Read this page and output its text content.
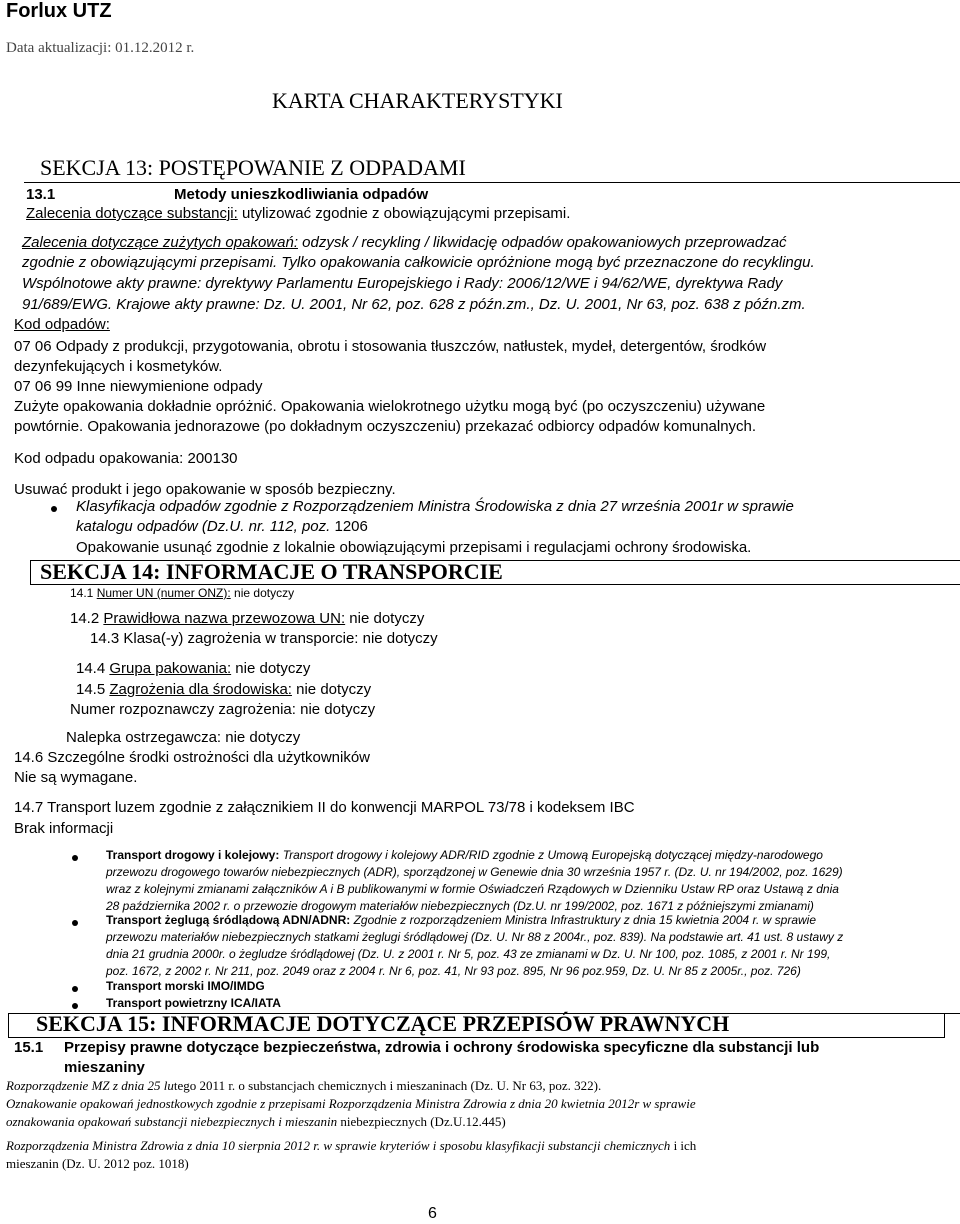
Forlux UTZ
Data aktualizacji: 01.12.2012 r.
KARTA CHARAKTERYSTYKI
SEKCJA 13: POSTĘPOWANIE Z ODPADAMI
13.1	Metody unieszkodliwiania odpadów
Zalecenia dotyczące substancji: utylizować zgodnie z obowiązującymi przepisami.
Zalecenia dotyczące zużytych opakowań: odzysk / recykling / likwidację odpadów opakowaniowych przeprowadzać
zgodnie z obowiązującymi przepisami. Tylko opakowania całkowicie opróżnione mogą być przeznaczone do recyklingu.
Wspólnotowe akty prawne: dyrektywy Parlamentu Europejskiego i Rady: 2006/12/WE i 94/62/WE, dyrektywa Rady
91/689/EWG. Krajowe akty prawne: Dz. U. 2001, Nr 62, poz. 628 z późn.zm., Dz. U. 2001, Nr 63, poz. 638 z późn.zm.
Kod odpadów:
07 06 Odpady z produkcji, przygotowania, obrotu i stosowania tłuszczów, natłustek, mydeł, detergentów, środków
dezynfekujących i kosmetyków.
07 06 99 Inne niewymienione odpady
Zużyte opakowania dokładnie opróżnić. Opakowania wielokrotnego użytku mogą być (po oczyszczeniu) używane
powtórnie. Opakowania jednorazowe (po dokładnym oczyszczeniu) przekazać odbiorcy odpadów komunalnych.
Kod odpadu opakowania: 200130
Usuwać produkt i jego opakowanie w sposób bezpieczny.
Klasyfikacja odpadów zgodnie z Rozporządzeniem Ministra Środowiska z dnia 27 września 2001r w sprawie
katalogu odpadów (Dz.U. nr. 112, poz. 1206
Opakowanie usunąć zgodnie z lokalnie obowiązującymi przepisami i regulacjami ochrony środowiska.
SEKCJA 14: INFORMACJE O TRANSPORCIE
14.1 Numer UN (numer ONZ): nie dotyczy
14.2 Prawidłowa nazwa przewozowa UN: nie dotyczy
14.3 Klasa(-y) zagrożenia w transporcie: nie dotyczy
14.4 Grupa pakowania: nie dotyczy
14.5 Zagrożenia dla środowiska: nie dotyczy
Numer rozpoznawczy zagrożenia: nie dotyczy
Nalepka ostrzegawcza: nie dotyczy
14.6 Szczególne środki ostrożności dla użytkowników
Nie są wymagane.
14.7 Transport luzem zgodnie z załącznikiem II do konwencji MARPOL 73/78 i kodeksem IBC
Brak informacji
Transport drogowy i kolejowy: Transport drogowy i kolejowy ADR/RID zgodnie z Umową Europejską dotyczącej między-narodowego
przewozu drogowego towarów niebezpiecznych (ADR), sporządzonej w Genewie dnia 30 września 1957 r. (Dz. U. nr 194/2002, poz. 1629)
wraz z kolejnymi zmianami załączników A i B publikowanymi w formie Oświadczeń Rządowych w Dzienniku Ustaw RP oraz Ustawą z dnia
28 października 2002 r. o przewozie drogowym materiałów niebezpiecznych (Dz.U. nr 199/2002, poz. 1671 z późniejszymi zmianami)
Transport żeglugą śródlądową ADN/ADNR: Zgodnie z rozporządzeniem Ministra Infrastruktury z dnia 15 kwietnia 2004 r. w sprawie
przewozu materiałów niebezpiecznych statkami żeglugi śródlądowej (Dz. U. Nr 88 z 2004r., poz. 839). Na podstawie art. 41 ust. 8 ustawy z
dnia 21 grudnia 2000r. o żegludze śródlądowej (Dz. U. z 2001 r. Nr 5, poz. 43 ze zmianami w Dz. U. Nr 100, poz. 1085, z 2001 r. Nr 199,
poz. 1672, z 2002 r. Nr 211, poz. 2049 oraz z 2004 r. Nr 6, poz. 41, Nr 93 poz. 895, Nr 96 poz.959, Dz. U. Nr 85 z 2005r., poz. 726)
Transport morski IMO/IMDG
Transport powietrzny ICA/IATA
SEKCJA 15: INFORMACJE DOTYCZĄCE PRZEPISÓW PRAWNYCH
15.1 Przepisy prawne dotyczące bezpieczeństwa, zdrowia i ochrony środowiska specyficzne dla substancji lub
mieszaniny
Rozporządzenie MZ z dnia 25 lutego 2011 r. o substancjach chemicznych i mieszaninach (Dz. U. Nr 63, poz. 322).
Oznakowanie opakowań jednostkowych zgodnie z przepisami Rozporządzenia Ministra Zdrowia z dnia 20 kwietnia 2012r w sprawie
oznakowania opakowań substancji niebezpiecznych i mieszanin niebezpiecznych (Dz.U.12.445)
Rozporządzenia Ministra Zdrowia z dnia 10 sierpnia 2012 r. w sprawie kryteriów i sposobu klasyfikacji substancji chemicznych i ich
mieszanin (Dz. U. 2012 poz. 1018)
6
